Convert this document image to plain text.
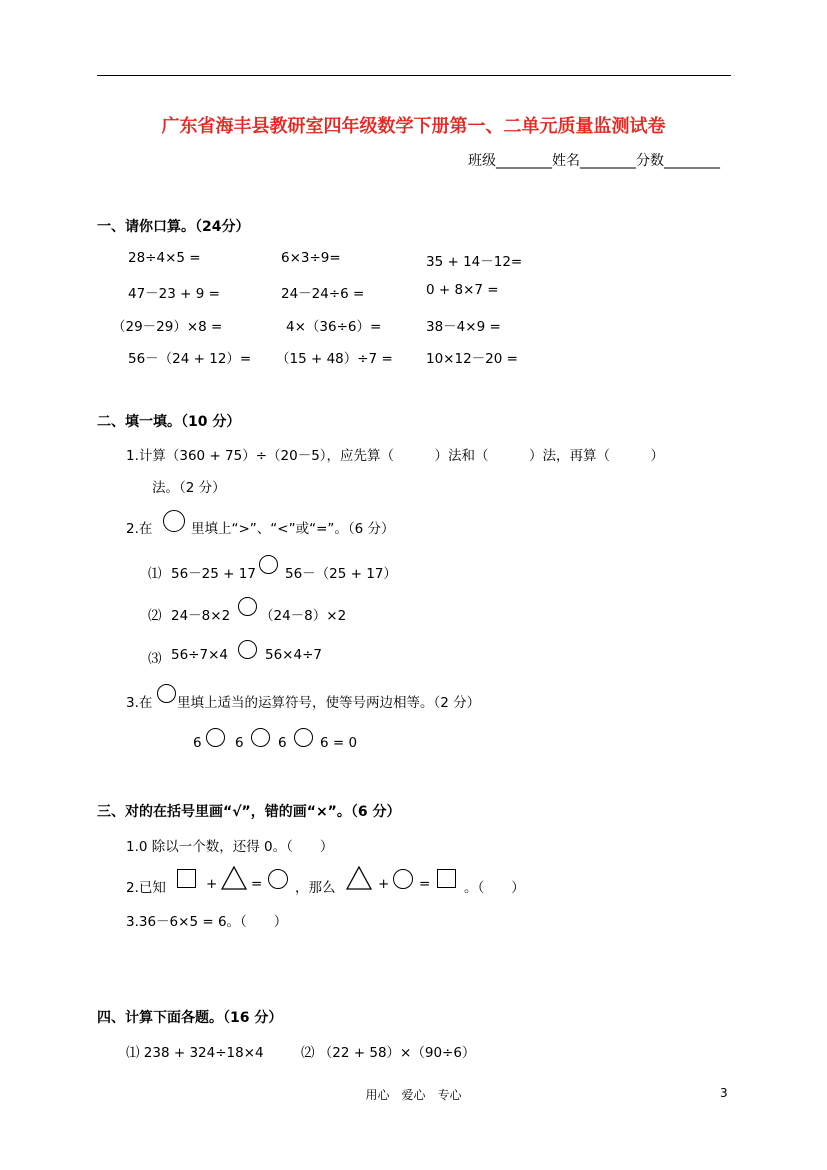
广东省海丰县教研室四年级数学下册第一、二单元质量监测试卷
班级________姓名________分数________
一、请你口算。（24分）
28÷4×5 =	6×3÷9=	35 + 14－12=
47－23 + 9 =	24－24÷6 =	0 + 8×7 =
（29－29）×8 =	4×（36÷6）=	38－4×9 =
56－（24 + 12）= （15 + 48）÷7 = 10×12－20 =
二、填一填。（10 分）
1.计算（360 + 75）÷（20－5），应先算（　　　）法和（　　　）法，再算（　　　）
法。（2 分）
2.在	里填上“>”、“<”或“=”。（6 分）
⑴ 56－25 + 17 56－（25 + 17）
⑵ 24－8×2 （24－8）×2
⑶ 56÷7×4	56×4÷7
3.在 里填上适当的运算符号，使等号两边相等。（2 分）
6 6	6 6 = 0
三、对的在括号里画“√”，错的画“×”。（6 分）
1.0 除以一个数，还得 0。（　　）
2.已知	+ = ，那么	+ = 。（　　）
3.36－6×5 = 6。（　　）
四、计算下面各题。（16 分）
⑴ 238 + 324÷18×4	⑵ （22 + 58）×（90÷6）
用心　爱心　专心	3
